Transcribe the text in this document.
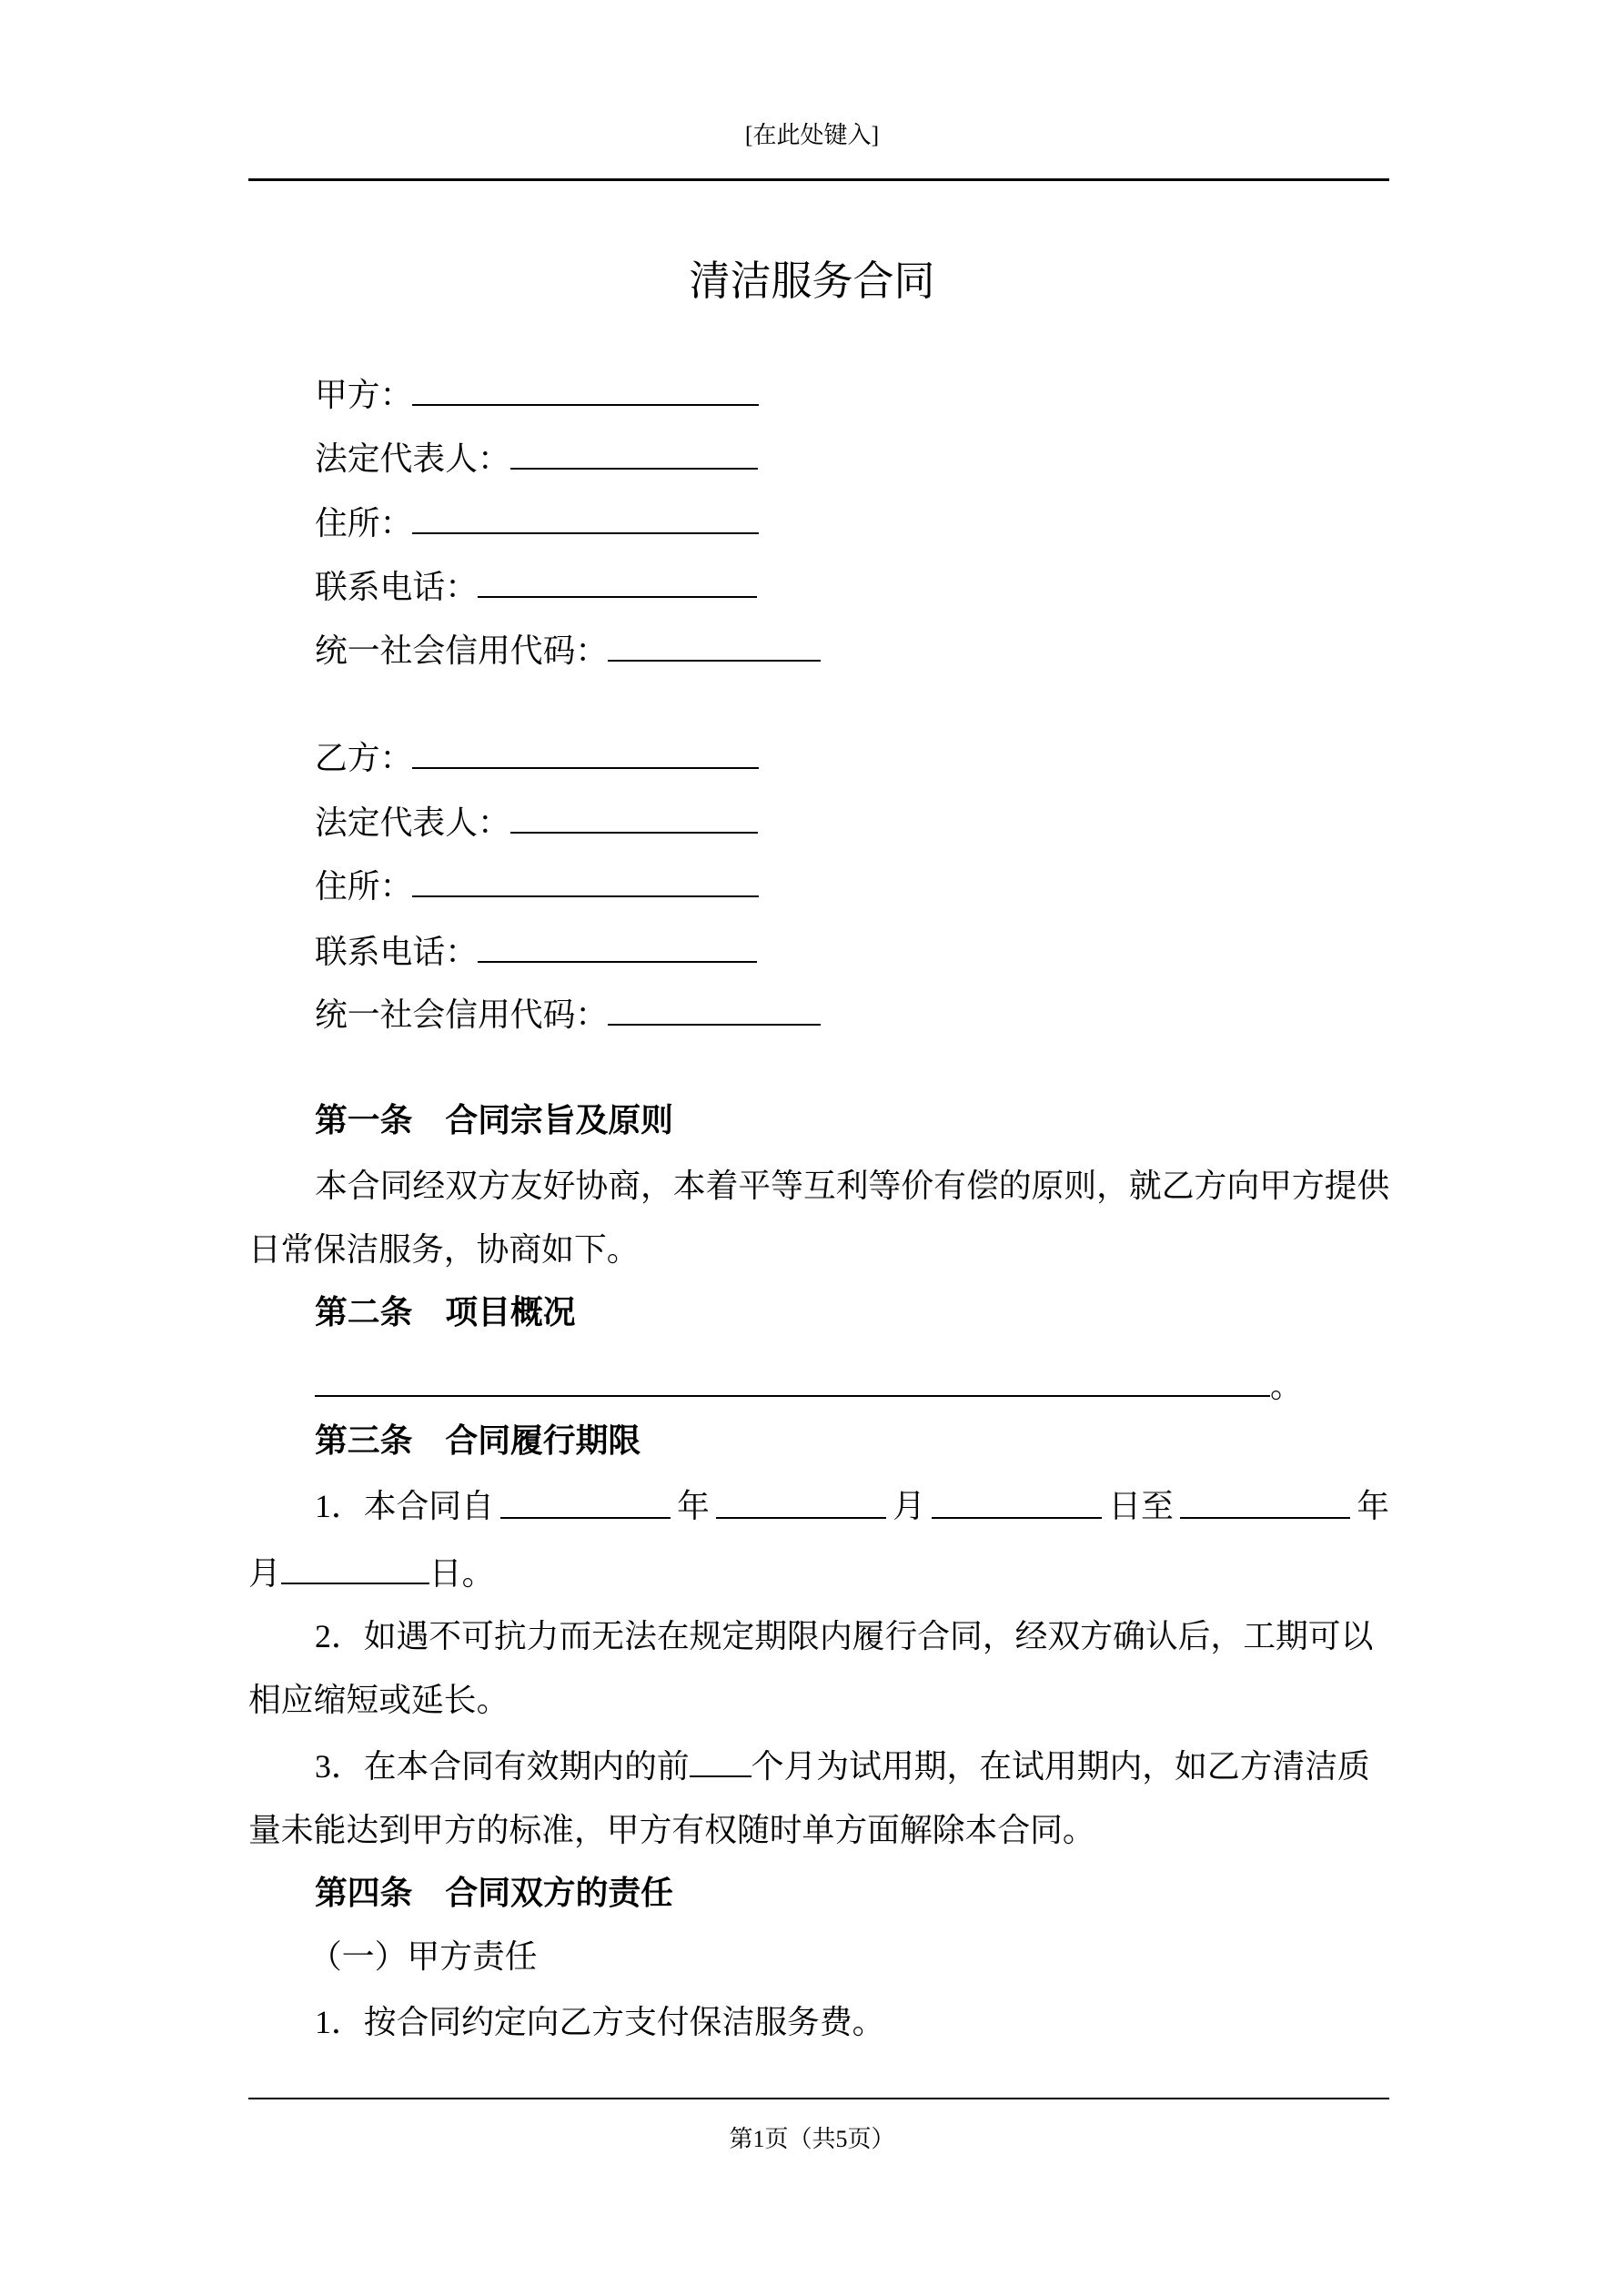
[在此处键入]
清洁服务合同
甲方：
法定代表人：
住所：
联系电话：
统一社会信用代码：
乙方：
法定代表人：
住所：
联系电话：
统一社会信用代码：
第一条 合同宗旨及原则
本合同经双方友好协商，本着平等互利等价有偿的原则，就乙方向甲方提供
日常保洁服务，协商如下。
第二条 项目概况
。
第三条 合同履行期限
1．本合同自	年	月	日至	年
月	日。
2．如遇不可抗力而无法在规定期限内履行合同，经双方确认后，工期可以
相应缩短或延长。
3．在本合同有效期内的前 个月为试用期，在试用期内，如乙方清洁质
量未能达到甲方的标准，甲方有权随时单方面解除本合同。
第四条 合同双方的责任
（一）甲方责任
1．按合同约定向乙方支付保洁服务费。
第1页（共5页）
